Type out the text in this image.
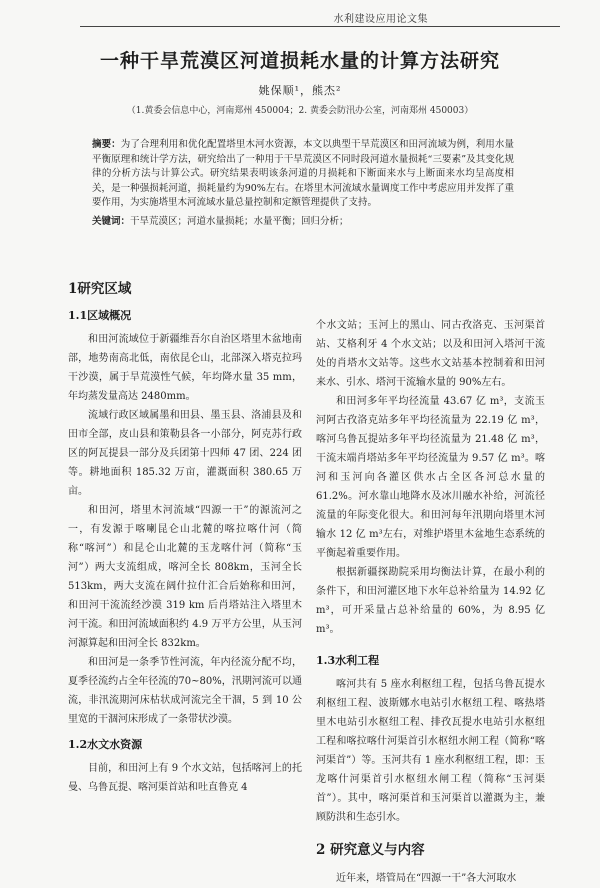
水利建设应用论文集
一种干旱荒漠区河道损耗水量的计算方法研究
姚保顺¹，熊杰²
（1.黄委会信息中心，河南郑州 450004；2. 黄委会防汛办公室，河南郑州 450003）
摘要：为了合理利用和优化配置塔里木河水资源，本文以典型干旱荒漠区和田河流域为例，利用水量平衡原理和统计学方法，研究给出了一种用于干旱荒漠区不同时段河道水量损耗“三要素”及其变化规律的分析方法与计算公式。研究结果表明该条河道的月损耗和下断面来水与上断面来水均呈高度相关，是一种强损耗河道，损耗量约为90%左右。在塔里木河流域水量调度工作中考虑应用并发挥了重要作用，为实施塔里木河流域水量总量控制和定额管理提供了支持。
关键词：干旱荒漠区；河道水量损耗；水量平衡；回归分析；
1研究区域
1.1区域概况

和田河流域位于新疆维吾尔自治区塔里木盆地南部，地势南高北低，南依昆仑山，北部深入塔克拉玛干沙漠，属于旱荒漠性气候，年均降水量 35 mm，年均蒸发量高达 2480mm。

流域行政区域属墨和田县、墨玉县、洛浦县及和田市全部，皮山县和策勒县各一小部分，阿克苏行政区的阿瓦提县一部分及兵团第十四师 47 团、224 团等。耕地面积 185.32 万亩，灌溉面积 380.65 万亩。

和田河，塔里木河流域“四源一干”的源流河之一，有发源于喀喇昆仑山北麓的喀拉喀什河（简称“喀河”）和昆仑山北麓的玉龙喀什河（简称“玉河”）两大支流组成，喀河全长 808km，玉河全长 513km，两大支流在阔什拉什汇合后始称和田河，和田河干流流经沙漠 319 km 后肖塔站注入塔里木河干流。和田河流域面积约 4.9 万平方公里，从玉河河源算起和田河全长 832km。

和田河是一条季节性河流，年内径流分配不均，夏季径流约占全年径流的70~80%，汛期河流可以通流，非汛流期河床枯状成河流完全干涸，5 到 10 公里宽的干涸河床形成了一条带状沙漠。

1.2水文水资源

目前，和田河上有 9 个水文站，包括喀河上的托曼、乌鲁瓦提、喀河渠首站和吐直鲁克 4

个水文站；玉河上的黑山、同古孜洛克、玉河渠首站、艾格利牙 4 个水文站；以及和田河入塔河干流处的肖塔水文站等。这些水文站基本控制着和田河来水、引水、塔河干流输水量的 90%左右。

和田河多年平均径流量 43.67 亿 m³，支流玉河阿古孜洛克站多年平均径流量为 22.19 亿 m³，喀河乌鲁瓦提站多年平均径流量为 21.48 亿 m³，干流末端肖塔站多年平均径流量为 9.57 亿 m³。喀河和玉河向各灌区供水占全区各河总水量的 61.2%。河水靠山地降水及冰川融水补给，河流径流量的年际变化很大。和田河每年汛期向塔里木河输水 12 亿 m³左右，对维护塔里木盆地生态系统的平衡起着重要作用。

根据新疆探勘院采用均衡法计算，在最小利的条件下，和田河灌区地下水年总补给量为 14.92 亿 m³，可开采量占总补给量的 60%，为 8.95 亿 m³。

1.3水利工程

喀河共有 5 座水利枢纽工程，包括乌鲁瓦提水利枢纽工程、波斯娜水电站引水枢纽工程、喀热塔里木电站引水枢纽工程、排孜瓦提水电站引水枢纽工程和喀拉喀什河渠首引水枢纽水闸工程（简称“喀河渠首”）等。玉河共有 1 座水利枢纽工程，即：玉龙喀什河渠首引水枢纽水闸工程（简称“玉河渠首”）。其中，喀河渠首和玉河渠首以灌溉为主，兼顾防洪和生态引水。

2 研究意义与内容

近年来，塔管局在“四源一干”各大河取水
